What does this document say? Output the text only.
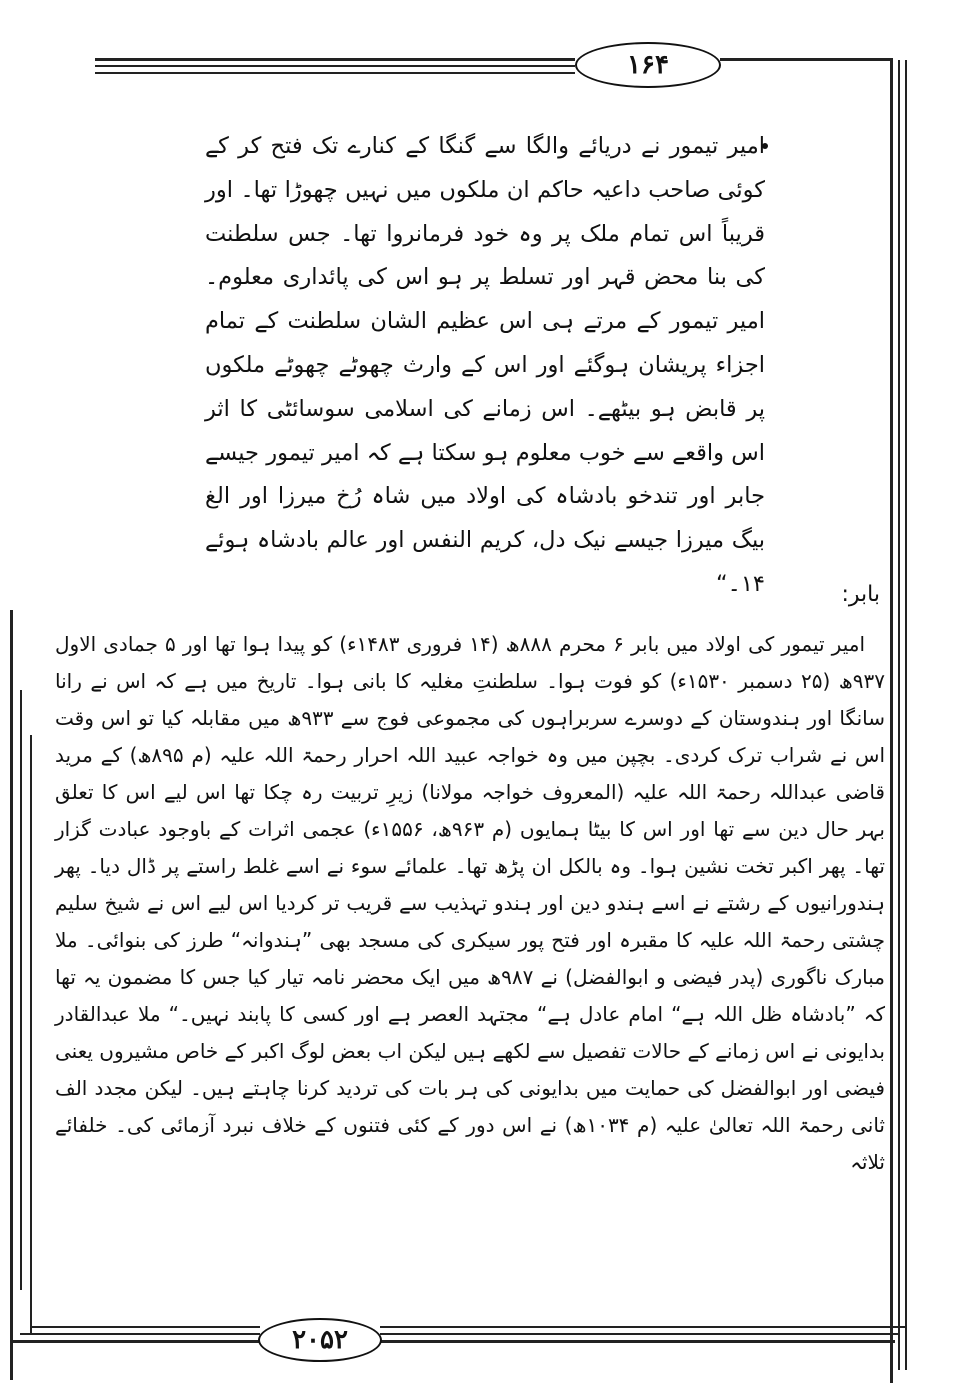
۱۶۴
۲۰۵۲

امیر تیمور نے دریائے والگا سے گنگا کے کنارے تک فتح کر کے کوئی صاحب داعیہ حاکم ان ملکوں میں نہیں چھوڑا تھا۔ اور قریباً اس تمام ملک پر وہ خود فرمانروا تھا۔ جس سلطنت کی بنا محض قہر اور تسلط پر ہو اس کی پائداری معلوم۔ امیر تیمور کے مرتے ہی اس عظیم الشان سلطنت کے تمام اجزاء پریشان ہوگئے اور اس کے وارث چھوٹے چھوٹے ملکوں پر قابض ہو بیٹھے۔ اس زمانے کی اسلامی سوسائٹی کا اثر اس واقعے سے خوب معلوم ہو سکتا ہے کہ امیر تیمور جیسے جابر اور تندخو بادشاہ کی اولاد میں شاہ رُخ میرزا اور الغ بیگ میرزا جیسے نیک دل، کریم النفس اور عالم بادشاہ ہوئے ۱۴۔“	بابر:

امیر تیمور کی اولاد میں بابر ۶ محرم ۸۸۸ھ (۱۴ فروری ۱۴۸۳ء) کو پیدا ہوا تھا اور ۵ جمادی الاول ۹۳۷ھ (۲۵ دسمبر ۱۵۳۰ء) کو فوت ہوا۔ سلطنتِ مغلیہ کا بانی ہوا۔ تاریخ میں ہے کہ اس نے رانا سانگا اور ہندوستان کے دوسرے سربراہوں کی مجموعی فوج سے ۹۳۳ھ میں مقابلہ کیا تو اس وقت اس نے شراب ترک کردی۔ بچپن میں وہ خواجہ عبید اللہ احرار رحمۃ اللہ علیہ (م ۸۹۵ھ) کے مرید قاضی عبداللہ رحمۃ اللہ علیہ (المعروف خواجہ مولانا) زیرِ تربیت رہ چکا تھا اس لیے اس کا تعلق بہر حال دین سے تھا اور اس کا بیٹا ہمایوں (م ۹۶۳ھ، ۱۵۵۶ء) عجمی اثرات کے باوجود عبادت گزار تھا۔ پھر اکبر تخت نشین ہوا۔ وہ بالکل ان پڑھ تھا۔ علمائے سوء نے اسے غلط راستے پر ڈال دیا۔ پھر ہندورانیوں کے رشتے نے اسے ہندو دین اور ہندو تہذیب سے قریب تر کردیا اس لیے اس نے شیخ سلیم چشتی رحمۃ اللہ علیہ کا مقبرہ اور فتح پور سیکری کی مسجد بھی ”ہندوانہ“ طرز کی بنوائی۔ ملا مبارک ناگوری (پدر فیضی و ابوالفضل) نے ۹۸۷ھ میں ایک محضر نامہ تیار کیا جس کا مضمون یہ تھا کہ ”بادشاہ ظل اللہ ہے“ امام عادل ہے“ مجتہد العصر ہے اور کسی کا پابند نہیں۔“ ملا عبدالقادر بدایونی نے اس زمانے کے حالات تفصیل سے لکھے ہیں لیکن اب بعض لوگ اکبر کے خاص مشیروں یعنی فیضی اور ابوالفضل کی حمایت میں بدایونی کی ہر بات کی تردید کرنا چاہتے ہیں۔ لیکن مجدد الف ثانی رحمۃ اللہ تعالیٰ علیہ (م ۱۰۳۴ھ) نے اس دور کے کئی فتنوں کے خلاف نبرد آزمائی کی۔ خلفائے ثلاثہ
